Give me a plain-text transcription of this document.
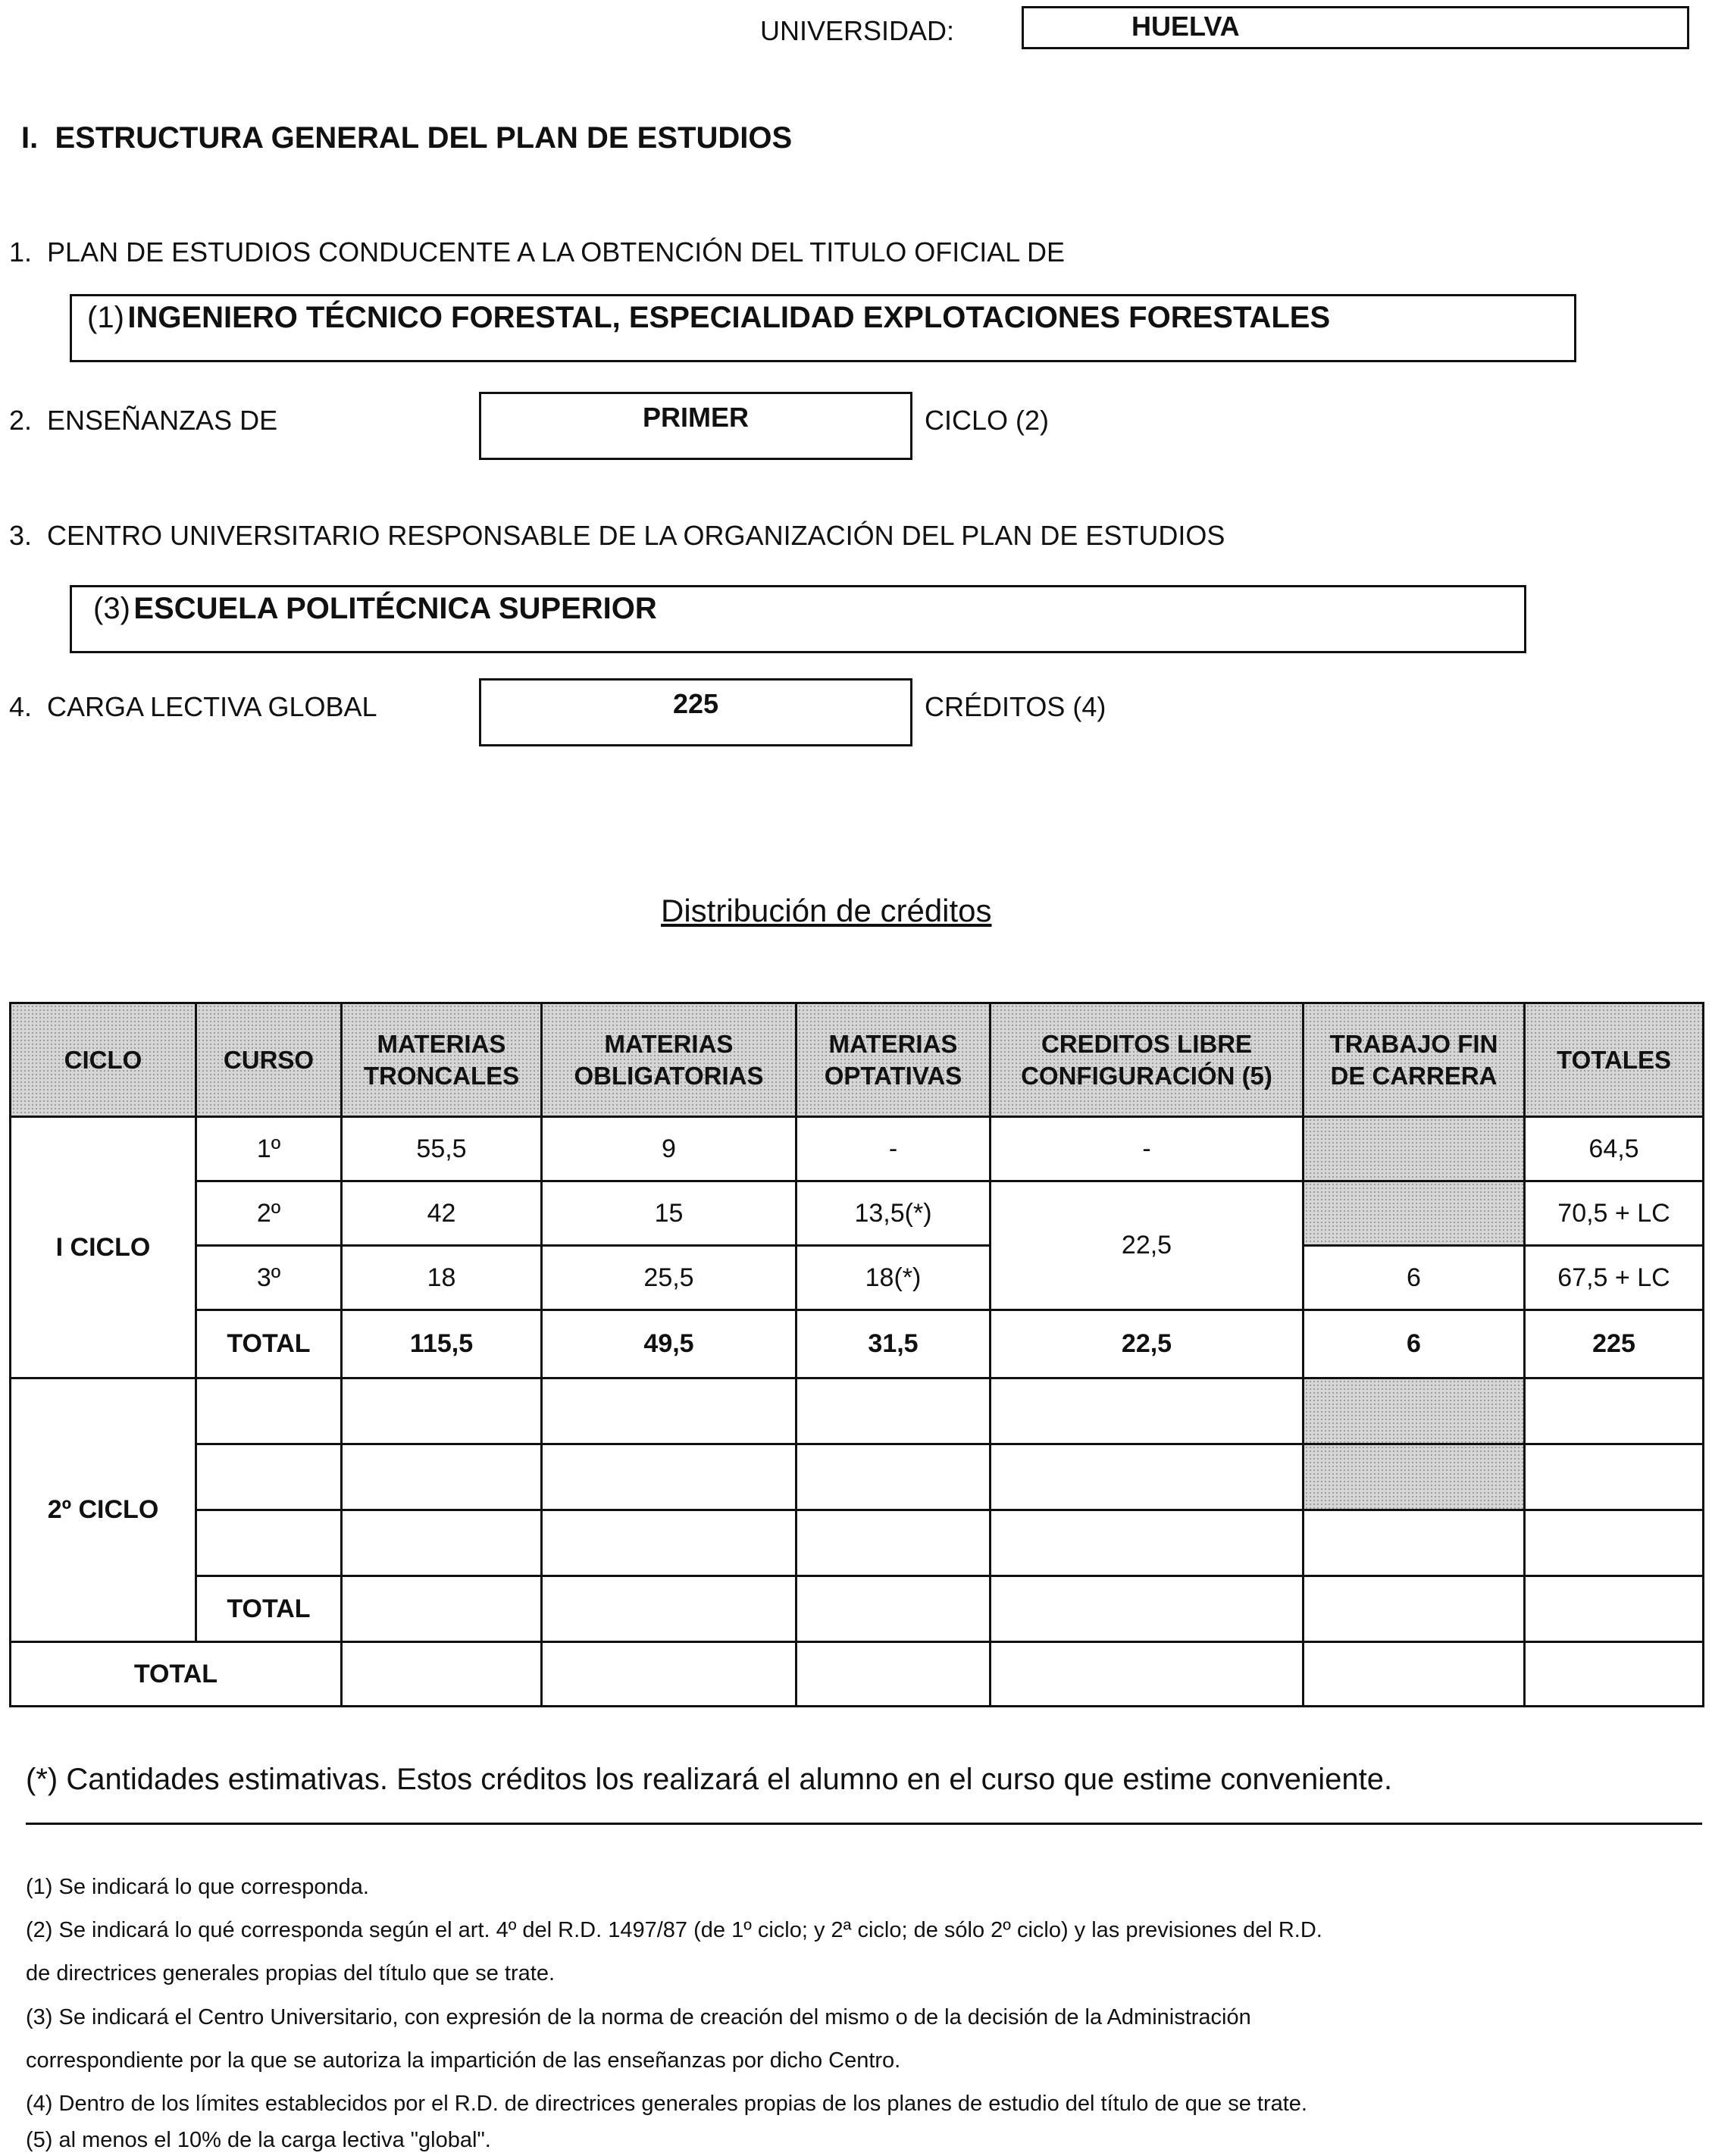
UNIVERSIDAD:	HUELVA
I.  ESTRUCTURA GENERAL DEL PLAN DE ESTUDIOS
1.  PLAN DE ESTUDIOS CONDUCENTE A LA OBTENCIÓN DEL TITULO OFICIAL DE
(1) INGENIERO TÉCNICO FORESTAL, ESPECIALIDAD EXPLOTACIONES FORESTALES
2.  ENSEÑANZAS DE	PRIMER	CICLO (2)
3.  CENTRO UNIVERSITARIO RESPONSABLE DE LA ORGANIZACIÓN DEL PLAN DE ESTUDIOS
(3) ESCUELA POLITÉCNICA SUPERIOR
4.  CARGA LECTIVA GLOBAL	225	CRÉDITOS (4)
Distribución de créditos
CICLO	CURSO	MATERIAS TRONCALES	MATERIAS OBLIGATORIAS	MATERIAS OPTATIVAS	CREDITOS LIBRE CONFIGURACIÓN (5)	TRABAJO FIN DE CARRERA	TOTALES
I CICLO	1º	55,5	9	-	-		64,5
	2º	42	15	13,5(*)	22,5		70,5 + LC
	3º	18	25,5	18(*)		6	67,5 + LC
	TOTAL	115,5	49,5	31,5	22,5	6	225
2º CICLO							

	TOTAL						
TOTAL							
(*) Cantidades estimativas. Estos créditos los realizará el alumno en el curso que estime conveniente.
(1) Se indicará lo que corresponda.
(2) Se indicará lo qué corresponda según el art. 4º del R.D. 1497/87 (de 1º ciclo; y 2ª ciclo; de sólo 2º ciclo) y las previsiones del R.D.
de directrices generales propias del título que se trate.
(3) Se indicará el Centro Universitario, con expresión de la norma de creación del mismo o de la decisión de la Administración
correspondiente por la que se autoriza la impartición de las enseñanzas por dicho Centro.
(4) Dentro de los límites establecidos por el R.D. de directrices generales propias de los planes de estudio del título de que se trate.
(5) al menos el 10% de la carga lectiva "global".
